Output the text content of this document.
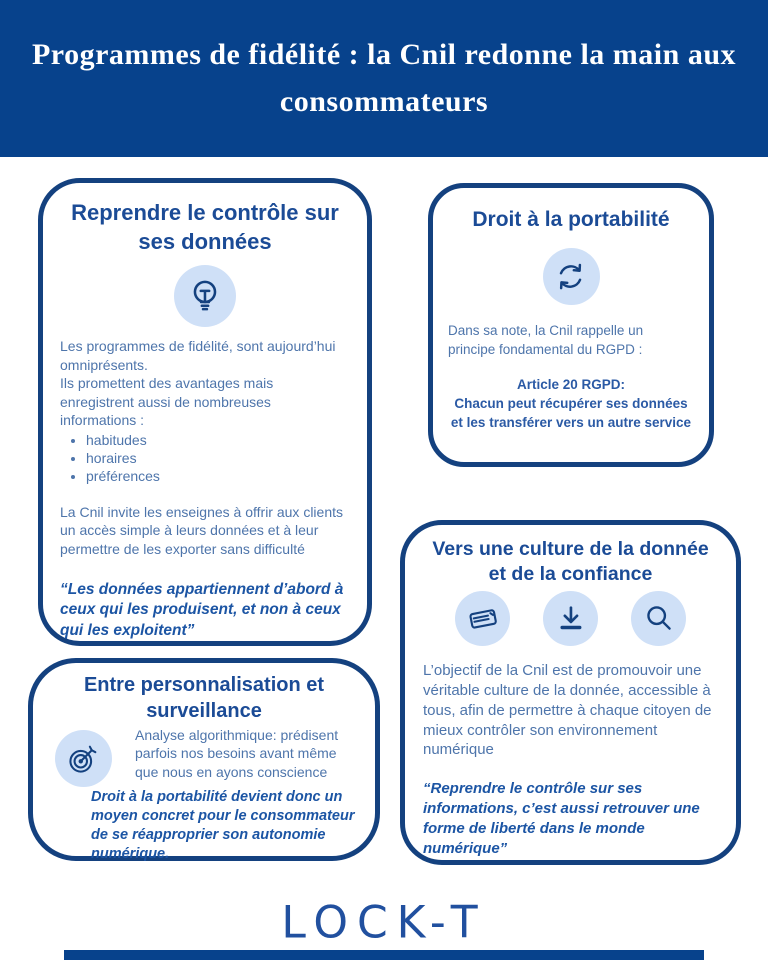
Programmes de fidélité : la Cnil redonne la main aux consommateurs
Reprendre le contrôle sur ses données

Les programmes de fidélité, sont aujourd’hui omniprésents.

Ils promettent des avantages mais enregistrent aussi de nombreuses informations :

• habitudes
• horaires
• préférences

La Cnil invite les enseignes à offrir aux clients un accès simple à leurs données et à leur permettre de les exporter sans difficulté

“Les données appartiennent d’abord à ceux qui les produisent, et non à ceux qui les exploitent”
Droit à la portabilité

Dans sa note, la Cnil rappelle un principe fondamental du RGPD :

Article 20 RGPD:
Chacun peut récupérer ses données et les transférer vers un autre service
Entre personnalisation et surveillance

Analyse algorithmique: prédisent parfois nos besoins avant même que nous en ayons conscience

Droit à la portabilité devient donc un moyen concret pour le consommateur de se réapproprier son autonomie numérique.
Vers une culture de la donnée et de la confiance

L’objectif de la Cnil est de promouvoir une véritable culture de la donnée, accessible à tous, afin de permettre à chaque citoyen de mieux contrôler son environnement numérique

“Reprendre le contrôle sur ses informations, c’est aussi retrouver une forme de liberté dans le monde numérique”
LOCK-T
